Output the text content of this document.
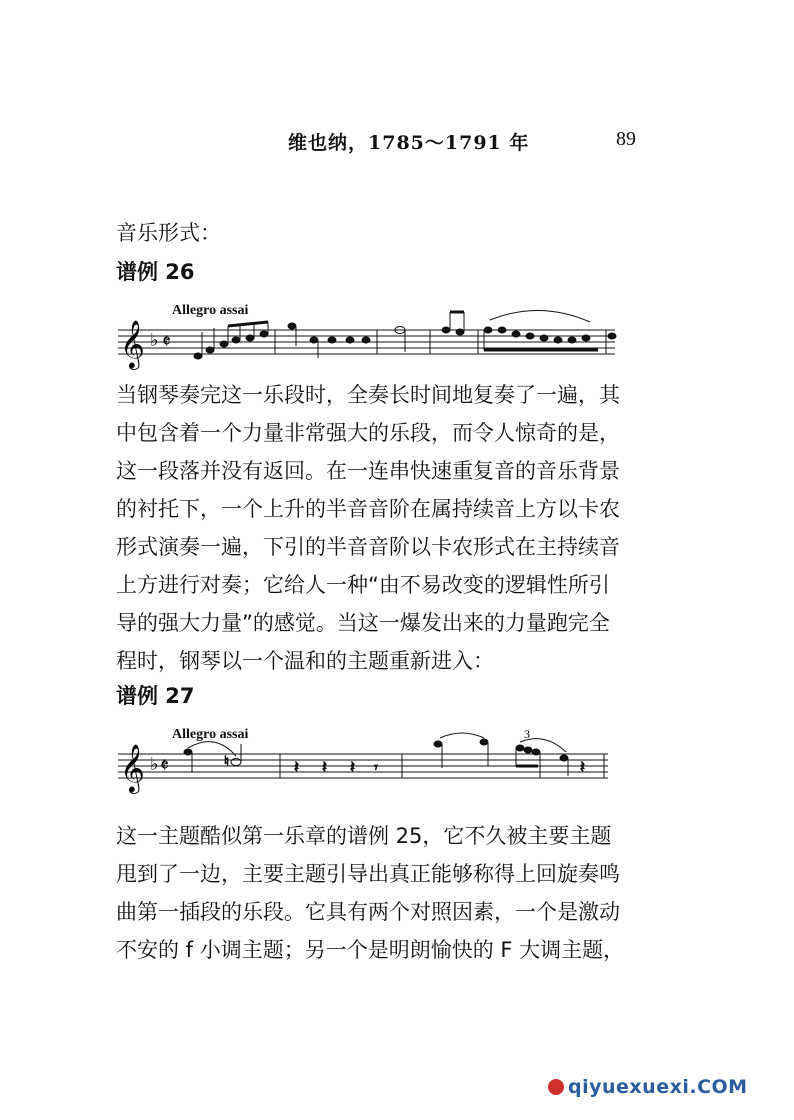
维也纳，1785～1791 年	89
音乐形式：
谱例 26
Allegro assai
𝄞 ♭ 𝄵
当钢琴奏完这一乐段时，全奏长时间地复奏了一遍，其
中包含着一个力量非常强大的乐段，而令人惊奇的是，
这一段落并没有返回。在一连串快速重复音的音乐背景
的衬托下，一个上升的半音音阶在属持续音上方以卡农
形式演奏一遍，下引的半音音阶以卡农形式在主持续音
上方进行对奏；它给人一种“由不易改变的逻辑性所引
导的强大力量”的感觉。当这一爆发出来的力量跑完全
程时，钢琴以一个温和的主题重新进入：
谱例 27
Allegro assai
𝄞 ♭ 𝄵	♮	𝄽 𝄽 𝄽 𝄾	𝄽
3
这一主题酷似第一乐章的谱例 25，它不久被主要主题
甩到了一边，主要主题引导出真正能够称得上回旋奏鸣
曲第一插段的乐段。它具有两个对照因素，一个是激动
不安的 f 小调主题；另一个是明朗愉快的 F 大调主题，
qiyuexuexi.COM
